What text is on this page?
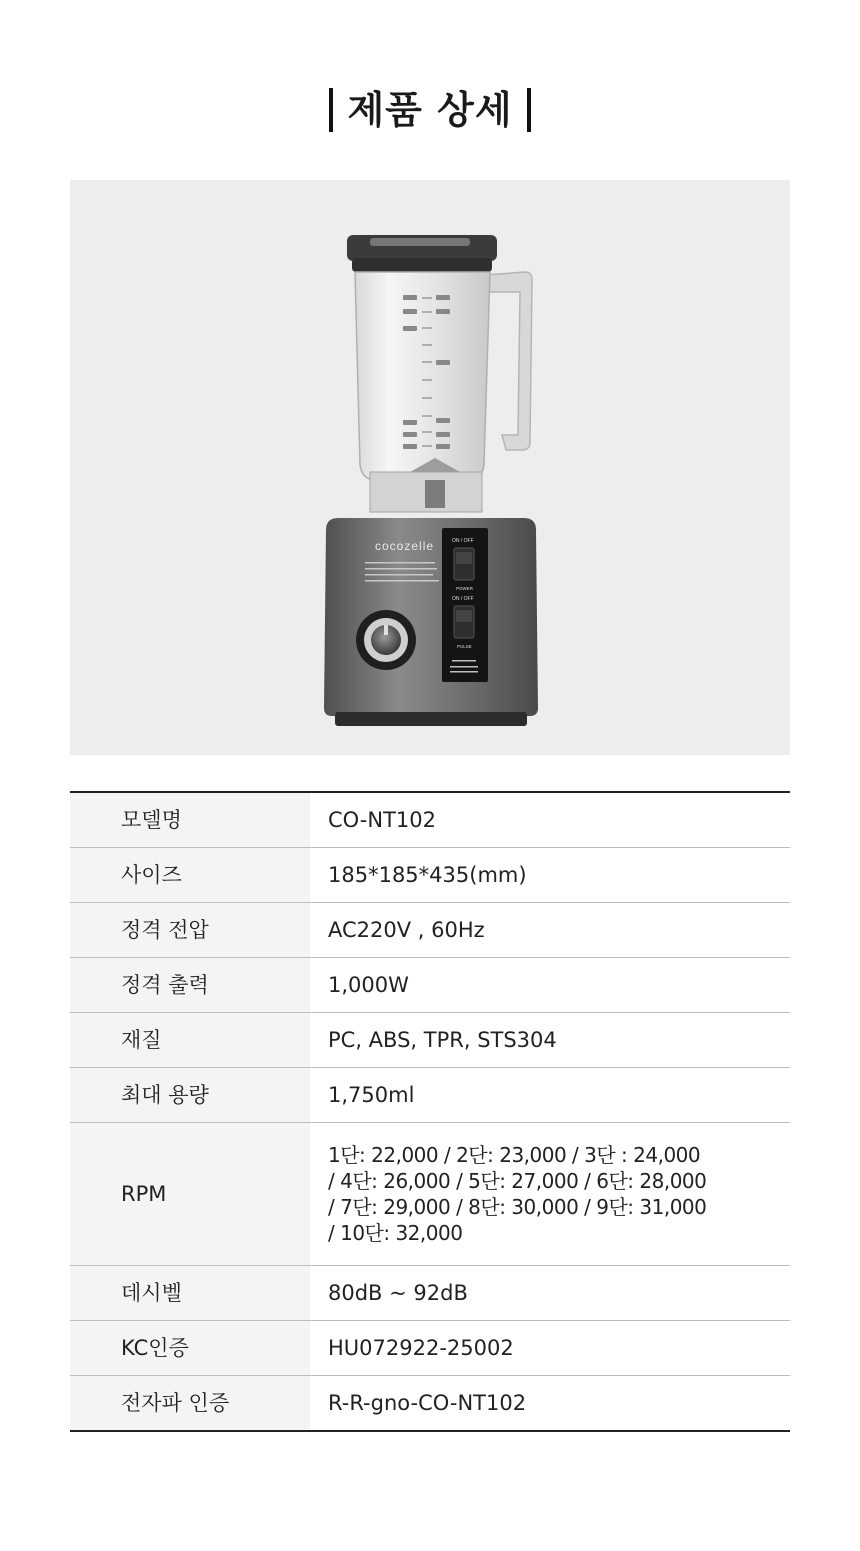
제품 상세
cocozelle	ON / OFF
POWER
ON / OFF
PULSE
모델명	CO-NT102
사이즈	185*185*435(mm)
정격 전압	AC220V , 60Hz
정격 출력	1,000W
재질	PC, ABS, TPR, STS304
최대 용량	1,750ml
RPM	1단: 22,000 / 2단: 23,000 / 3단 : 24,000
/ 4단: 26,000 / 5단: 27,000 / 6단: 28,000
/ 7단: 29,000 / 8단: 30,000 / 9단: 31,000
/ 10단: 32,000

데시벨	80dB ~ 92dB
KC인증	HU072922-25002
전자파 인증	R-R-gno-CO-NT102
